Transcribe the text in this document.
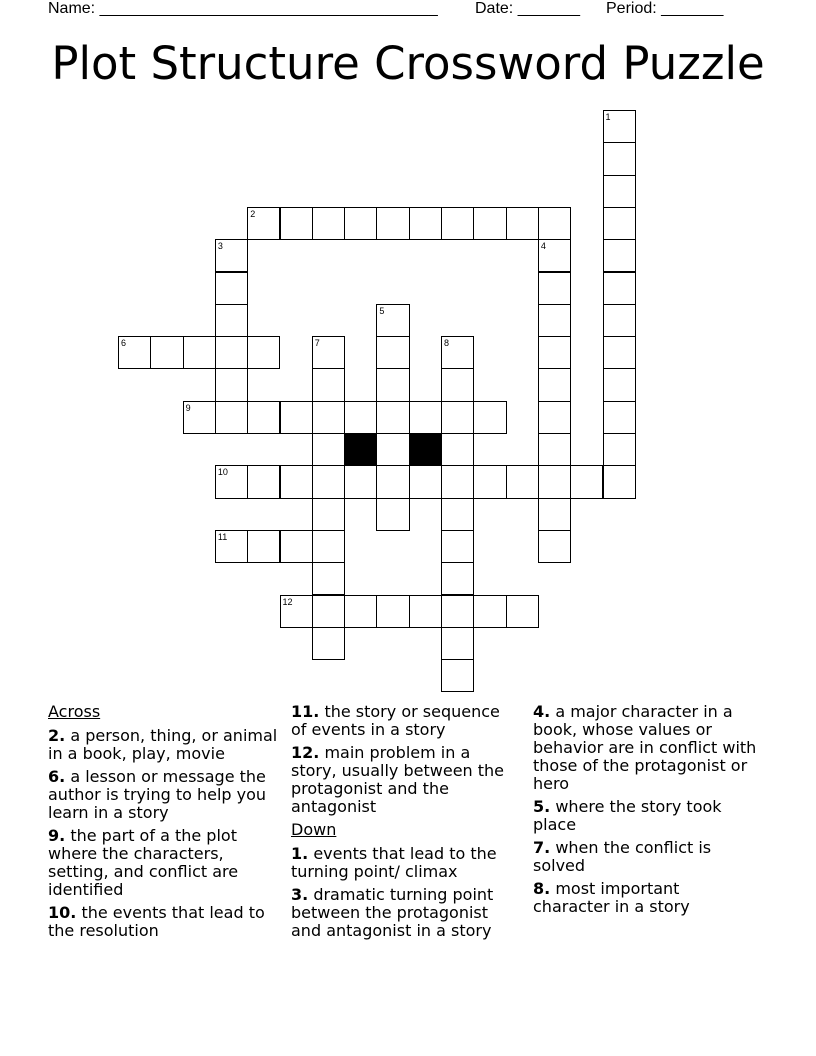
Name: ______________________________________ Date: _______ Period: _______
Plot Structure Crossword Puzzle
1
2
3	4
5
6	7	8
9
10
11
12
Across
2. a person, thing, or animal in a book, play, movie
6. a lesson or message the author is trying to help you learn in a story
9. the part of a the plot where the characters, setting, and conflict are identified
10. the events that lead to the resolution
11. the story or sequence of events in a story
12. main problem in a story, usually between the protagonist and the antagonist
Down
1. events that lead to the turning point/ climax
3. dramatic turning point between the protagonist and antagonist in a story
4. a major character in a book, whose values or behavior are in conflict with those of the protagonist or hero
5. where the story took place
7. when the conflict is solved
8. most important character in a story
